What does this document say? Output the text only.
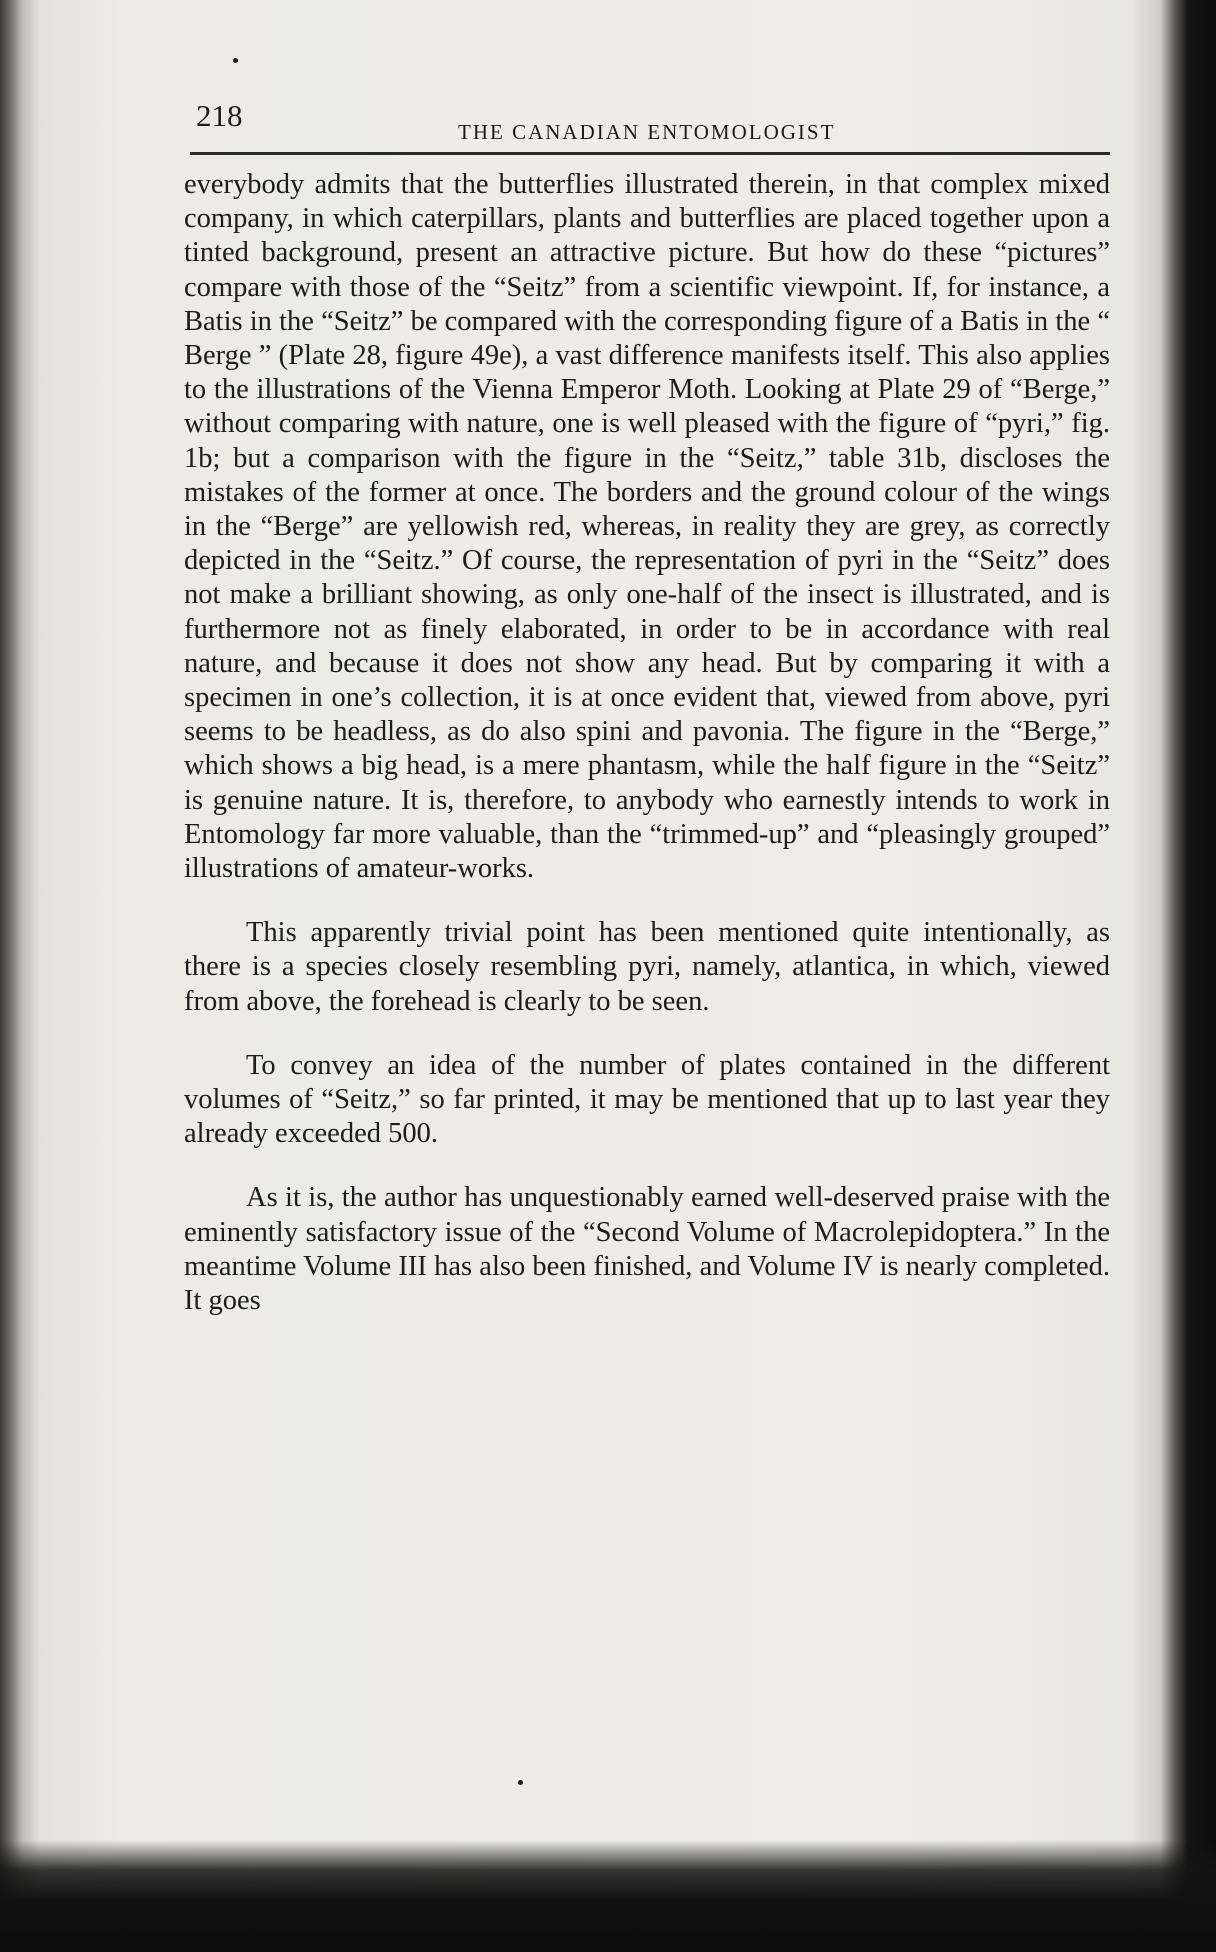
218	THE CANADIAN ENTOMOLOGIST

everybody admits that the butterflies illustrated therein, in that complex mixed company, in which caterpillars, plants and butterflies are placed together upon a tinted background, present an attractive picture. But how do these “pictures” compare with those of the “Seitz” from a scientific viewpoint. If, for instance, a Batis in the “Seitz” be compared with the corresponding figure of a Batis in the “ Berge ” (Plate 28, figure 49e), a vast difference manifests itself. This also applies to the illustrations of the Vienna Emperor Moth. Looking at Plate 29 of “Berge,” without comparing with nature, one is well pleased with the figure of “pyri,” fig. 1b; but a comparison with the figure in the “Seitz,” table 31b, discloses the mistakes of the former at once. The borders and the ground colour of the wings in the “Berge” are yellowish red, whereas, in reality they are grey, as correctly depicted in the “Seitz.” Of course, the representation of pyri in the “Seitz” does not make a brilliant showing, as only one-half of the insect is illustrated, and is furthermore not as finely elaborated, in order to be in accordance with real nature, and because it does not show any head. But by comparing it with a specimen in one’s collection, it is at once evident that, viewed from above, pyri seems to be headless, as do also spini and pavonia. The figure in the “Berge,” which shows a big head, is a mere phantasm, while the half figure in the “Seitz” is genuine nature. It is, therefore, to anybody who earnestly intends to work in Entomology far more valuable, than the “trimmed-up” and “pleasingly grouped” illustrations of amateur-works.

This apparently trivial point has been mentioned quite intentionally, as there is a species closely resembling pyri, namely, atlantica, in which, viewed from above, the forehead is clearly to be seen.

To convey an idea of the number of plates contained in the different volumes of “Seitz,” so far printed, it may be mentioned that up to last year they already exceeded 500.

As it is, the author has unquestionably earned well-deserved praise with the eminently satisfactory issue of the “Second Volume of Macrolepidoptera.” In the meantime Volume III has also been finished, and Volume IV is nearly completed. It goes
